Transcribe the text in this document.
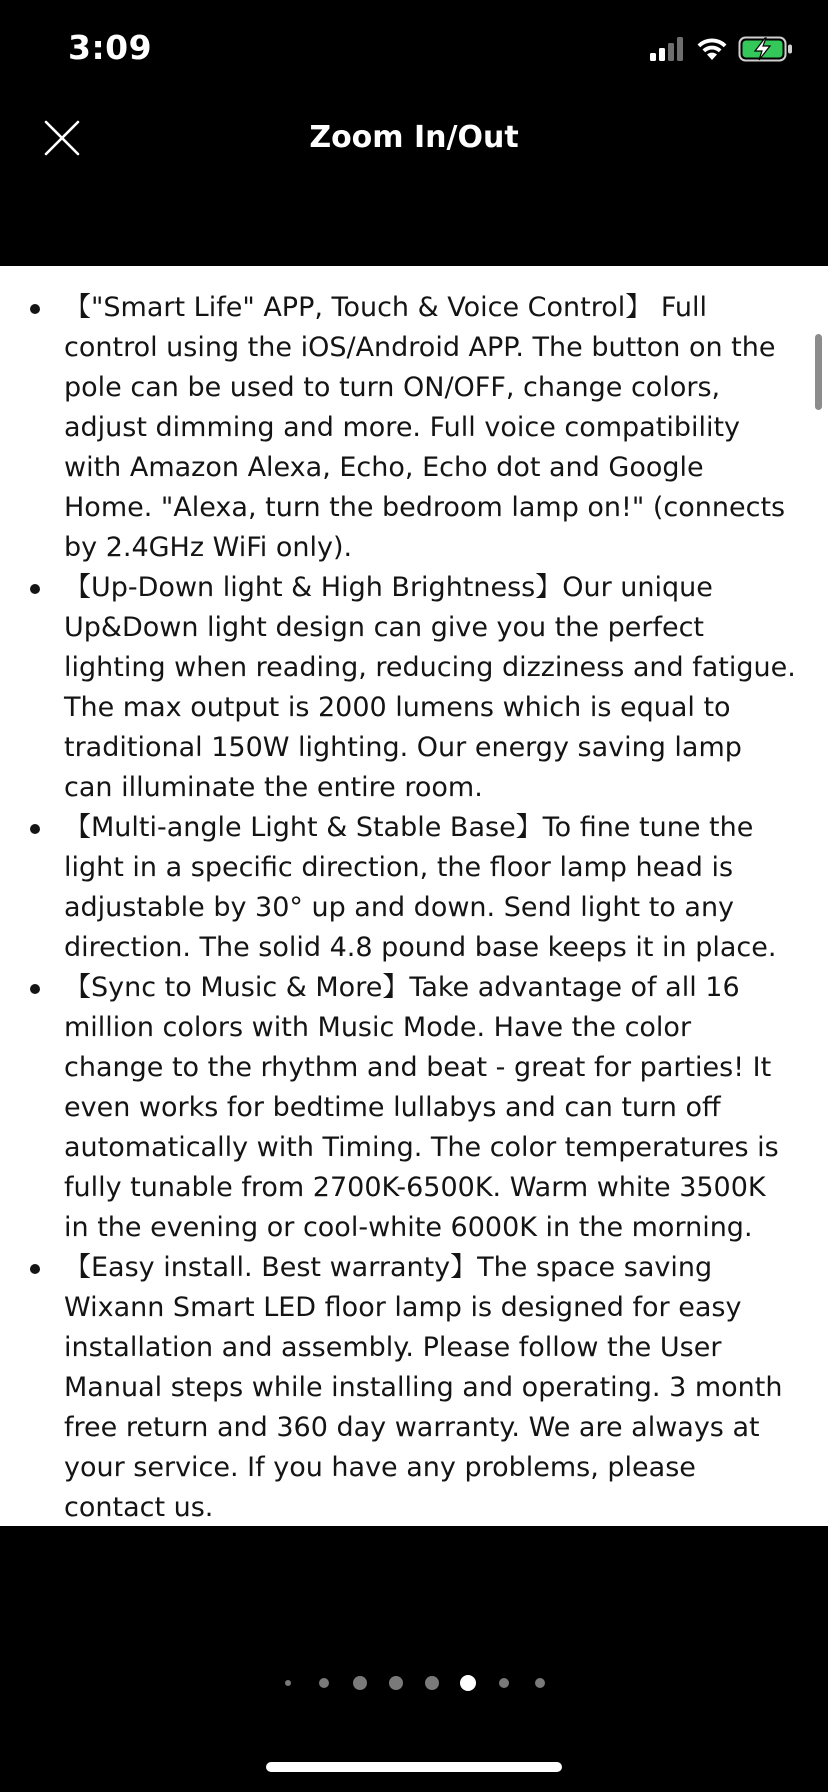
3:09
Zoom In/Out
【"Smart Life" APP, Touch & Voice Control】 Full control using the iOS/Android APP. The button on the pole can be used to turn ON/OFF, change colors, adjust dimming and more. Full voice compatibility with Amazon Alexa, Echo, Echo dot and Google Home. "Alexa, turn the bedroom lamp on!" (connects by 2.4GHz WiFi only).
【Up-Down light & High Brightness】Our unique Up&Down light design can give you the perfect lighting when reading, reducing dizziness and fatigue. The max output is 2000 lumens which is equal to traditional 150W lighting. Our energy saving lamp can illuminate the entire room.
【Multi-angle Light & Stable Base】To fine tune the light in a specific direction, the floor lamp head is adjustable by 30° up and down. Send light to any direction. The solid 4.8 pound base keeps it in place.
【Sync to Music & More】Take advantage of all 16 million colors with Music Mode. Have the color change to the rhythm and beat - great for parties! It even works for bedtime lullabys and can turn off automatically with Timing. The color temperatures is fully tunable from 2700K-6500K. Warm white 3500K in the evening or cool-white 6000K in the morning.
【Easy install. Best warranty】The space saving Wixann Smart LED floor lamp is designed for easy installation and assembly. Please follow the User Manual steps while installing and operating. 3 month free return and 360 day warranty. We are always at your service. If you have any problems, please contact us.
